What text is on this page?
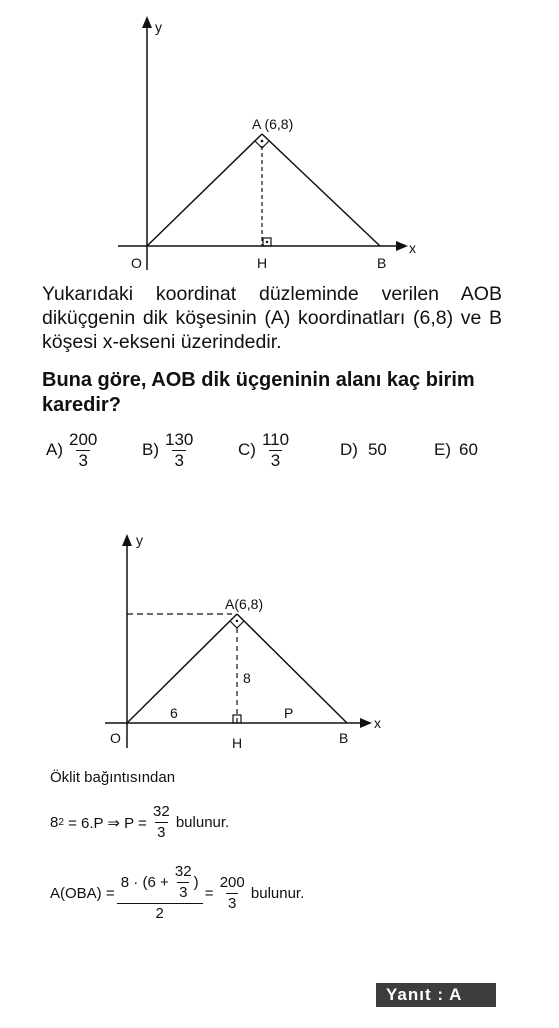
y
x
A (6,8)
O	H	B

Yukarıdaki koordinat düzleminde verilen AOB diküçgenin dik köşesinin (A) koordinatları (6,8) ve B köşesi x-ekseni üzerindedir.

Buna göre, AOB dik üçgeninin alanı kaç birim karedir?

$A) \frac{200}{3}$	$B) \frac{130}{3}$	$C) \frac{110}{3}$	D) 50	E) 60
y
x
A(6,8)
8
6	P
O	H	B
Öklit bağıntısından
8 2 = 6.P ⇒ $P = \frac{32}{3}$ bulunur.
$A(OBA) = \frac{8 \cdot (6 + \frac{32}{3} )}{2} = \frac{200}{3}$ bulunur.
Yanıt : A
